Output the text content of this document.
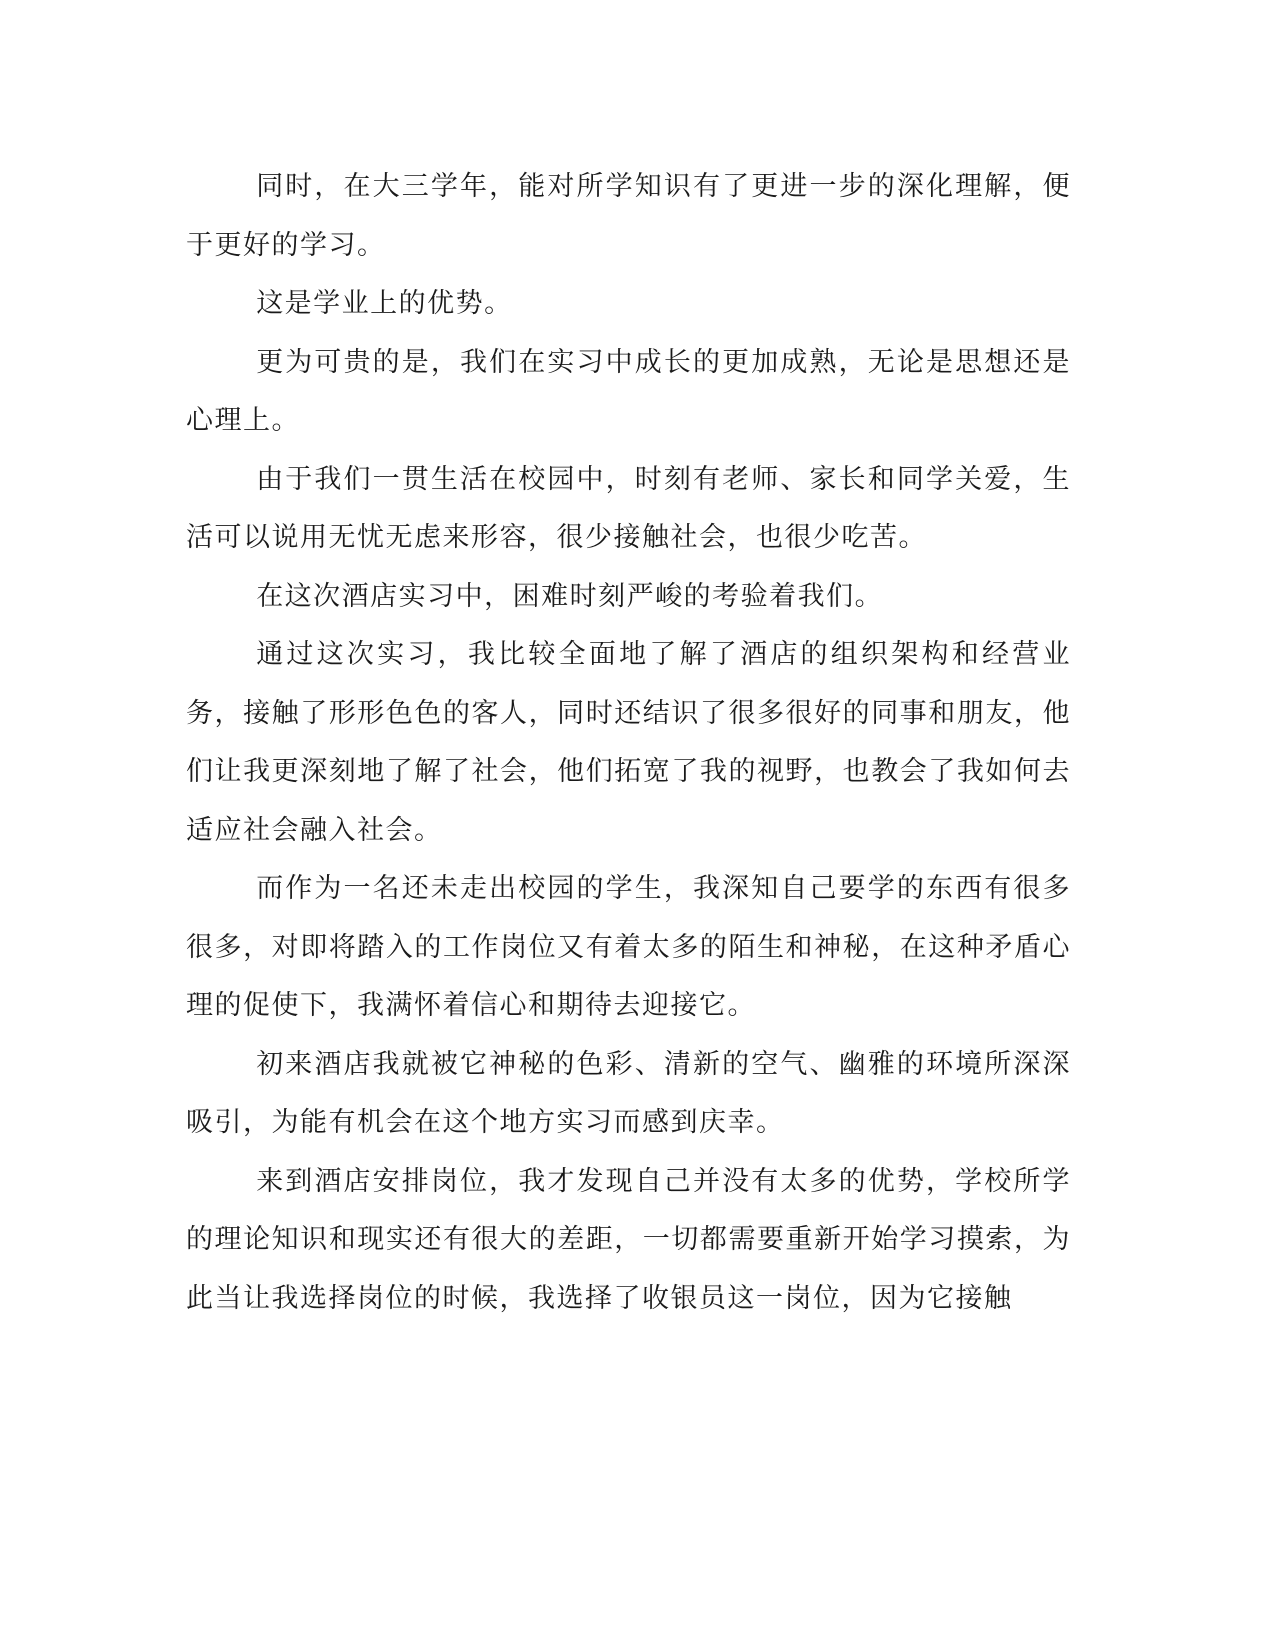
同时，在大三学年，能对所学知识有了更进一步的深化理解，便于更好的学习。

这是学业上的优势。

更为可贵的是，我们在实习中成长的更加成熟，无论是思想还是心理上。

由于我们一贯生活在校园中，时刻有老师、家长和同学关爱，生活可以说用无忧无虑来形容，很少接触社会，也很少吃苦。

在这次酒店实习中，困难时刻严峻的考验着我们。

通过这次实习，我比较全面地了解了酒店的组织架构和经营业务，接触了形形色色的客人，同时还结识了很多很好的同事和朋友，他们让我更深刻地了解了社会，他们拓宽了我的视野，也教会了我如何去适应社会融入社会。

而作为一名还未走出校园的学生，我深知自己要学的东西有很多很多，对即将踏入的工作岗位又有着太多的陌生和神秘，在这种矛盾心理的促使下，我满怀着信心和期待去迎接它。

初来酒店我就被它神秘的色彩、清新的空气、幽雅的环境所深深吸引，为能有机会在这个地方实习而感到庆幸。

来到酒店安排岗位，我才发现自己并没有太多的优势，学校所学的理论知识和现实还有很大的差距，一切都需要重新开始学习摸索，为此当让我选择岗位的时候，我选择了收银员这一岗位，因为它接触
